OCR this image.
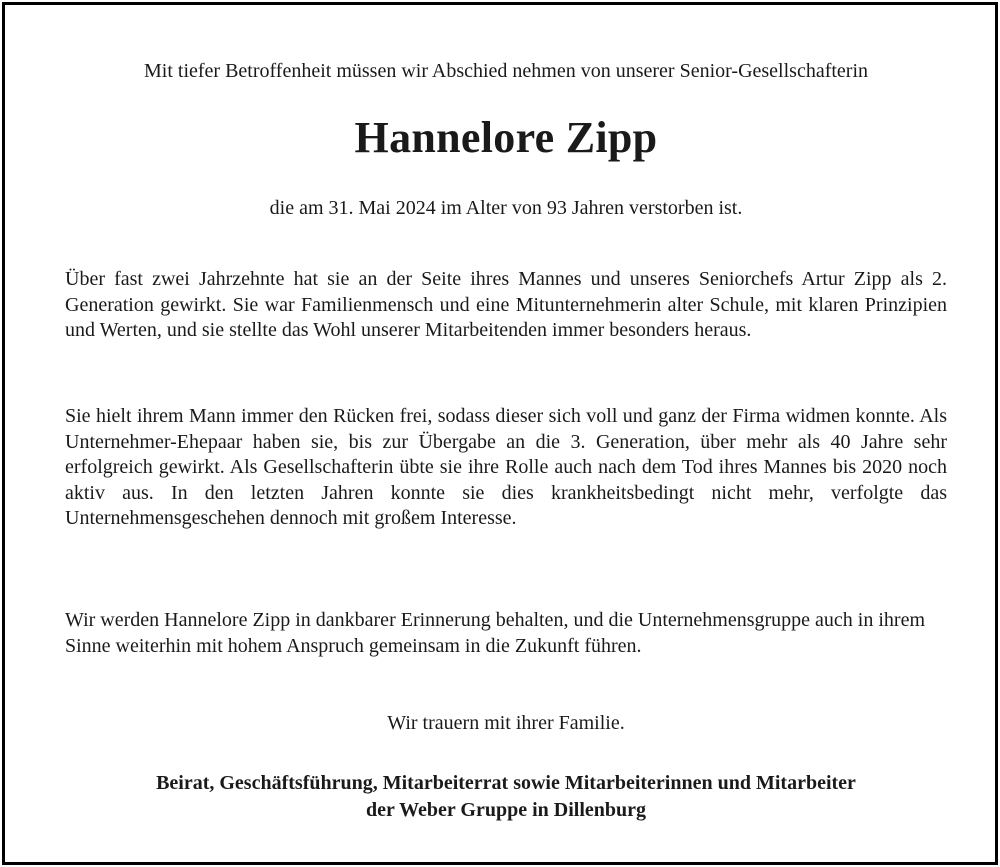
Mit tiefer Betroffenheit müssen wir Abschied nehmen von unserer Senior-Gesellschafterin
Hannelore Zipp
die am 31. Mai 2024 im Alter von 93 Jahren verstorben ist.

Über fast zwei Jahrzehnte hat sie an der Seite ihres Mannes und unseres Seniorchefs Artur Zipp als 2. Generation gewirkt. Sie war Familienmensch und eine Mitunternehmerin alter Schule, mit klaren Prinzipien und Werten, und sie stellte das Wohl unserer Mitarbeitenden immer besonders heraus.

Sie hielt ihrem Mann immer den Rücken frei, sodass dieser sich voll und ganz der Firma widmen konnte. Als Unternehmer-Ehepaar haben sie, bis zur Übergabe an die 3. Generation, über mehr als 40 Jahre sehr erfolgreich gewirkt. Als Gesellschafterin übte sie ihre Rolle auch nach dem Tod ihres Mannes bis 2020 noch aktiv aus. In den letzten Jahren konnte sie dies krankheitsbedingt nicht mehr, verfolgte das Unternehmensgeschehen dennoch mit großem Interesse.

Wir werden Hannelore Zipp in dankbarer Erinnerung behalten, und die Unternehmensgruppe auch in ihrem Sinne weiterhin mit hohem Anspruch gemeinsam in die Zukunft führen.

Wir trauern mit ihrer Familie.
Beirat, Geschäftsführung, Mitarbeiterrat sowie Mitarbeiterinnen und Mitarbeiter
der Weber Gruppe in Dillenburg
